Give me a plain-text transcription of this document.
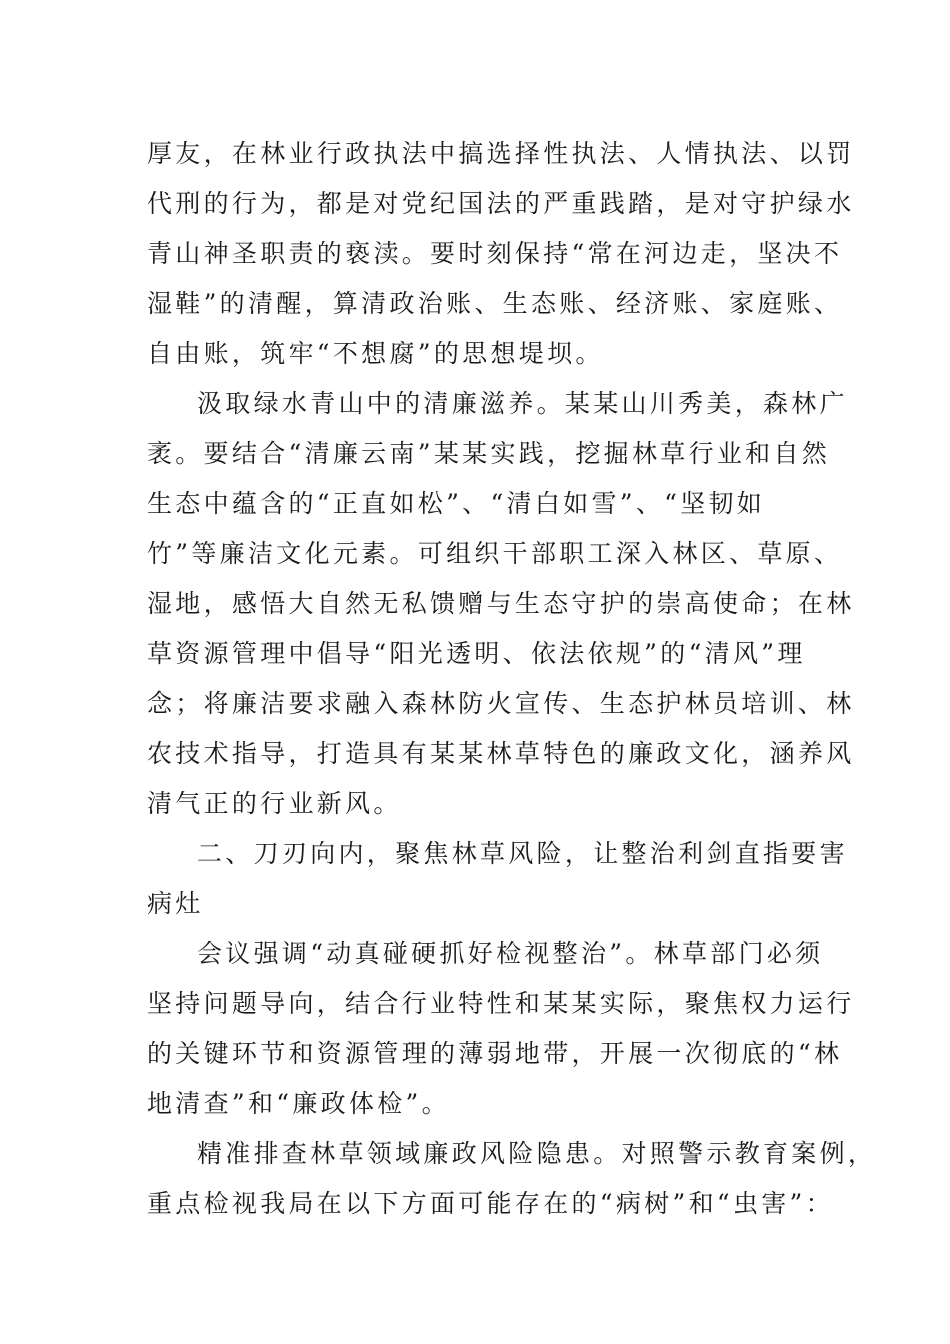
厚友，在林业行政执法中搞选择性执法、人情执法、以罚
代刑的行为，都是对党纪国法的严重践踏，是对守护绿水
青山神圣职责的亵渎。要时刻保持“常在河边走，坚决不
湿鞋”的清醒，算清政治账、生态账、经济账、家庭账、
自由账，筑牢“不想腐”的思想堤坝。
汲取绿水青山中的清廉滋养。某某山川秀美，森林广
袤。要结合“清廉云南”某某实践，挖掘林草行业和自然
生态中蕴含的“正直如松”、“清白如雪”、“坚韧如
竹”等廉洁文化元素。可组织干部职工深入林区、草原、
湿地，感悟大自然无私馈赠与生态守护的崇高使命；在林
草资源管理中倡导“阳光透明、依法依规”的“清风”理
念；将廉洁要求融入森林防火宣传、生态护林员培训、林
农技术指导，打造具有某某林草特色的廉政文化，涵养风
清气正的行业新风。
二、刀刃向内，聚焦林草风险，让整治利剑直指要害
病灶
会议强调“动真碰硬抓好检视整治”。林草部门必须
坚持问题导向，结合行业特性和某某实际，聚焦权力运行
的关键环节和资源管理的薄弱地带，开展一次彻底的“林
地清查”和“廉政体检”。
精准排查林草领域廉政风险隐患。对照警示教育案例，
重点检视我局在以下方面可能存在的“病树”和“虫害”：
